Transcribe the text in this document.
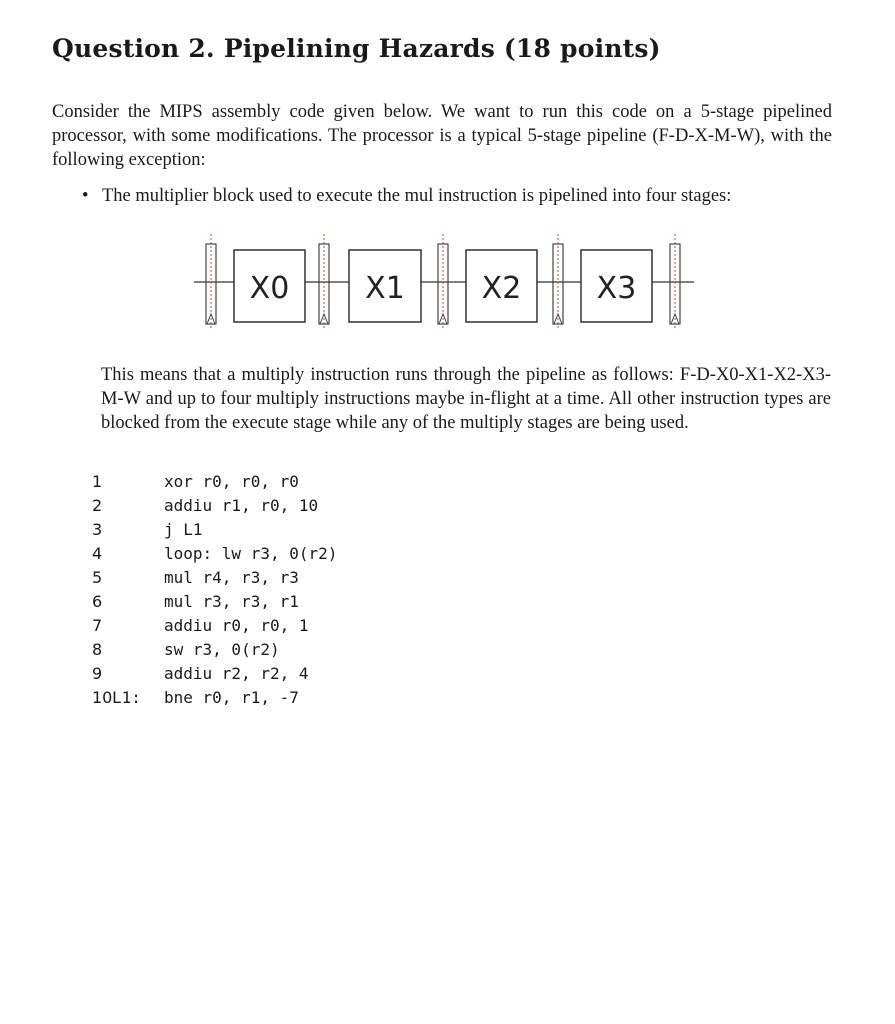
Question 2. Pipelining Hazards (18 points)

Consider the MIPS assembly code given below. We want to run this code on a 5-stage pipelined processor, with some modifications. The processor is a typical 5-stage pipeline (F-D-X-M-W), with the following exception:

• The multiplier block used to execute the mul instruction is pipelined into four stages:
X0	X1	X2	X3

This means that a multiply instruction runs through the pipeline as follows: F-D-X0-X1-X2-X3-M-W and up to four multiply instructions maybe in-flight at a time. All other instruction types are blocked from the execute stage while any of the multiply stages are being used.

1	xor r0, r0, r0
2	addiu r1, r0, 10
3	j L1
4	loop: lw r3, 0(r2)
5	mul r4, r3, r3
6	mul r3, r3, r1
7	addiu r0, r0, 1
8	sw r3, 0(r2)
9	addiu r2, r2, 4
10L1: bne r0, r1, -7
